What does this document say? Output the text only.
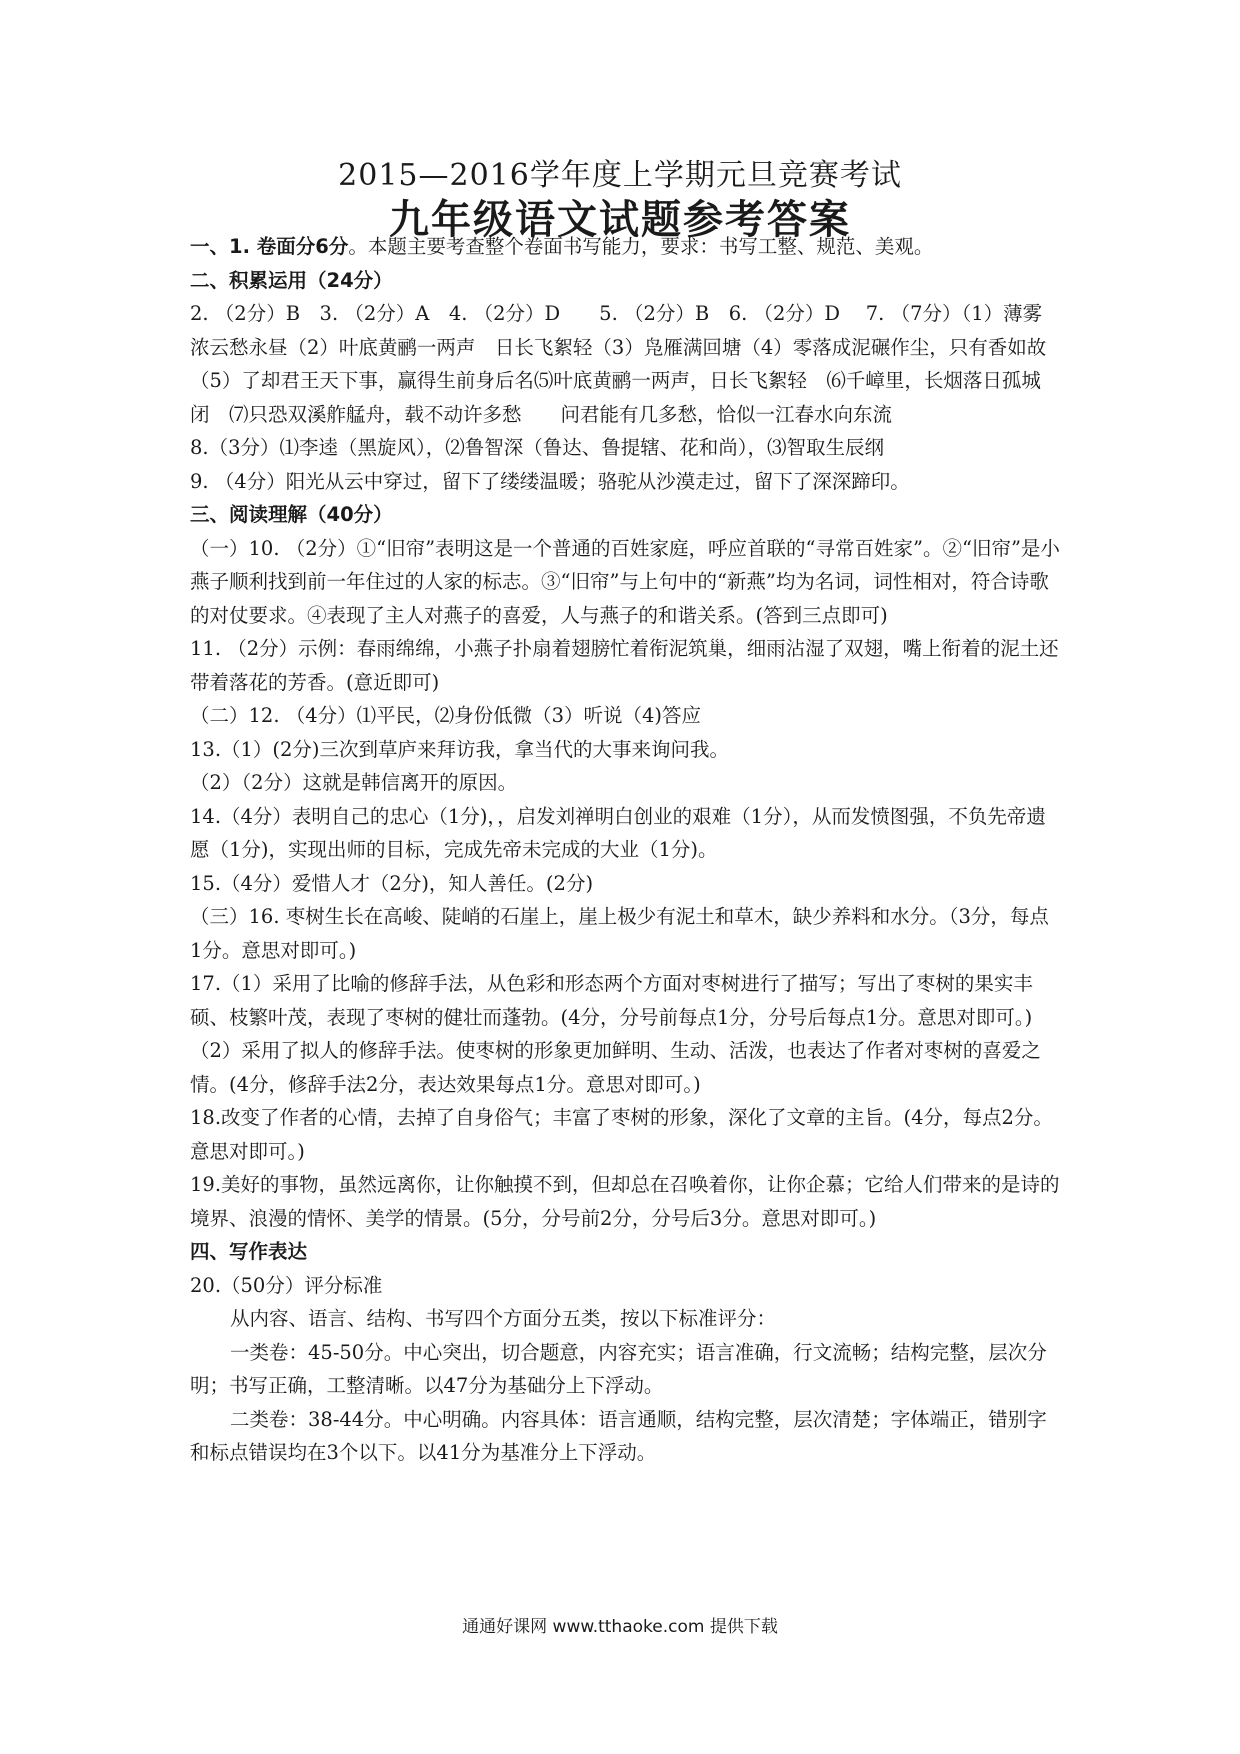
2015—2016学年度上学期元旦竞赛考试
九年级语文试题参考答案

一、1. 卷面分6分。本题主要考查整个卷面书写能力，要求：书写工整、规范、美观。

二、积累运用（24分）

2. （2分）B　3. （2分）A　4. （2分）D　　5. （2分）B　6. （2分）D　 7. （7分）（1）薄雾浓云愁永昼（2）叶底黄鹂一两声　日长飞絮轻（3）凫雁满回塘（4）零落成泥碾作尘，只有香如故（5）了却君王天下事，赢得生前身后名⑸叶底黄鹂一两声，日长飞絮轻　⑹千嶂里，长烟落日孤城闭　⑺只恐双溪舴艋舟，载不动许多愁　　问君能有几多愁，恰似一江春水向东流

8.（3分）⑴李逵（黑旋风），⑵鲁智深（鲁达、鲁提辖、花和尚），⑶智取生辰纲

9. （4分）阳光从云中穿过，留下了缕缕温暖；骆驼从沙漠走过，留下了深深蹄印。

三、阅读理解（40分）

（一）10. （2分）①“旧帘”表明这是一个普通的百姓家庭，呼应首联的“寻常百姓家”。②“旧帘”是小燕子顺利找到前一年住过的人家的标志。③“旧帘”与上句中的“新燕”均为名词，词性相对，符合诗歌的对仗要求。④表现了主人对燕子的喜爱，人与燕子的和谐关系。(答到三点即可)

11. （2分）示例：春雨绵绵，小燕子扑扇着翅膀忙着衔泥筑巢，细雨沾湿了双翅，嘴上衔着的泥土还带着落花的芳香。(意近即可)

（二）12. （4分）⑴平民，⑵身份低微（3）听说（4)答应

13.（1）(2分)三次到草庐来拜访我，拿当代的大事来询问我。

（2）（2分）这就是韩信离开的原因。

14.（4分）表明自己的忠心（1分)，，启发刘禅明白创业的艰难（1分），从而发愤图强，不负先帝遗愿（1分)，实现出师的目标，完成先帝未完成的大业（1分)。

15.（4分）爱惜人才（2分)，知人善任。(2分)

（三）16. 枣树生长在高峻、陡峭的石崖上，崖上极少有泥土和草木，缺少养料和水分。（3分，每点1分。意思对即可。)

17.（1）采用了比喻的修辞手法，从色彩和形态两个方面对枣树进行了描写；写出了枣树的果实丰硕、枝繁叶茂，表现了枣树的健壮而蓬勃。(4分，分号前每点1分，分号后每点1分。意思对即可。)

（2）采用了拟人的修辞手法。使枣树的形象更加鲜明、生动、活泼，也表达了作者对枣树的喜爱之情。(4分，修辞手法2分，表达效果每点1分。意思对即可。)

18.改变了作者的心情，去掉了自身俗气；丰富了枣树的形象，深化了文章的主旨。(4分，每点2分。意思对即可。)

19.美好的事物，虽然远离你，让你触摸不到，但却总在召唤着你，让你企慕；它给人们带来的是诗的境界、浪漫的情怀、美学的情景。(5分，分号前2分，分号后3分。意思对即可。)

四、写作表达

20.（50分）评分标准

从内容、语言、结构、书写四个方面分五类，按以下标准评分：

一类卷：45-50分。中心突出，切合题意，内容充实；语言准确，行文流畅；结构完整，层次分明；书写正确，工整清晰。以47分为基础分上下浮动。

二类卷：38-44分。中心明确。内容具体：语言通顺，结构完整，层次清楚；字体端正，错别字和标点错误均在3个以下。以41分为基准分上下浮动。

通通好课网 www.tthaoke.com 提供下载
